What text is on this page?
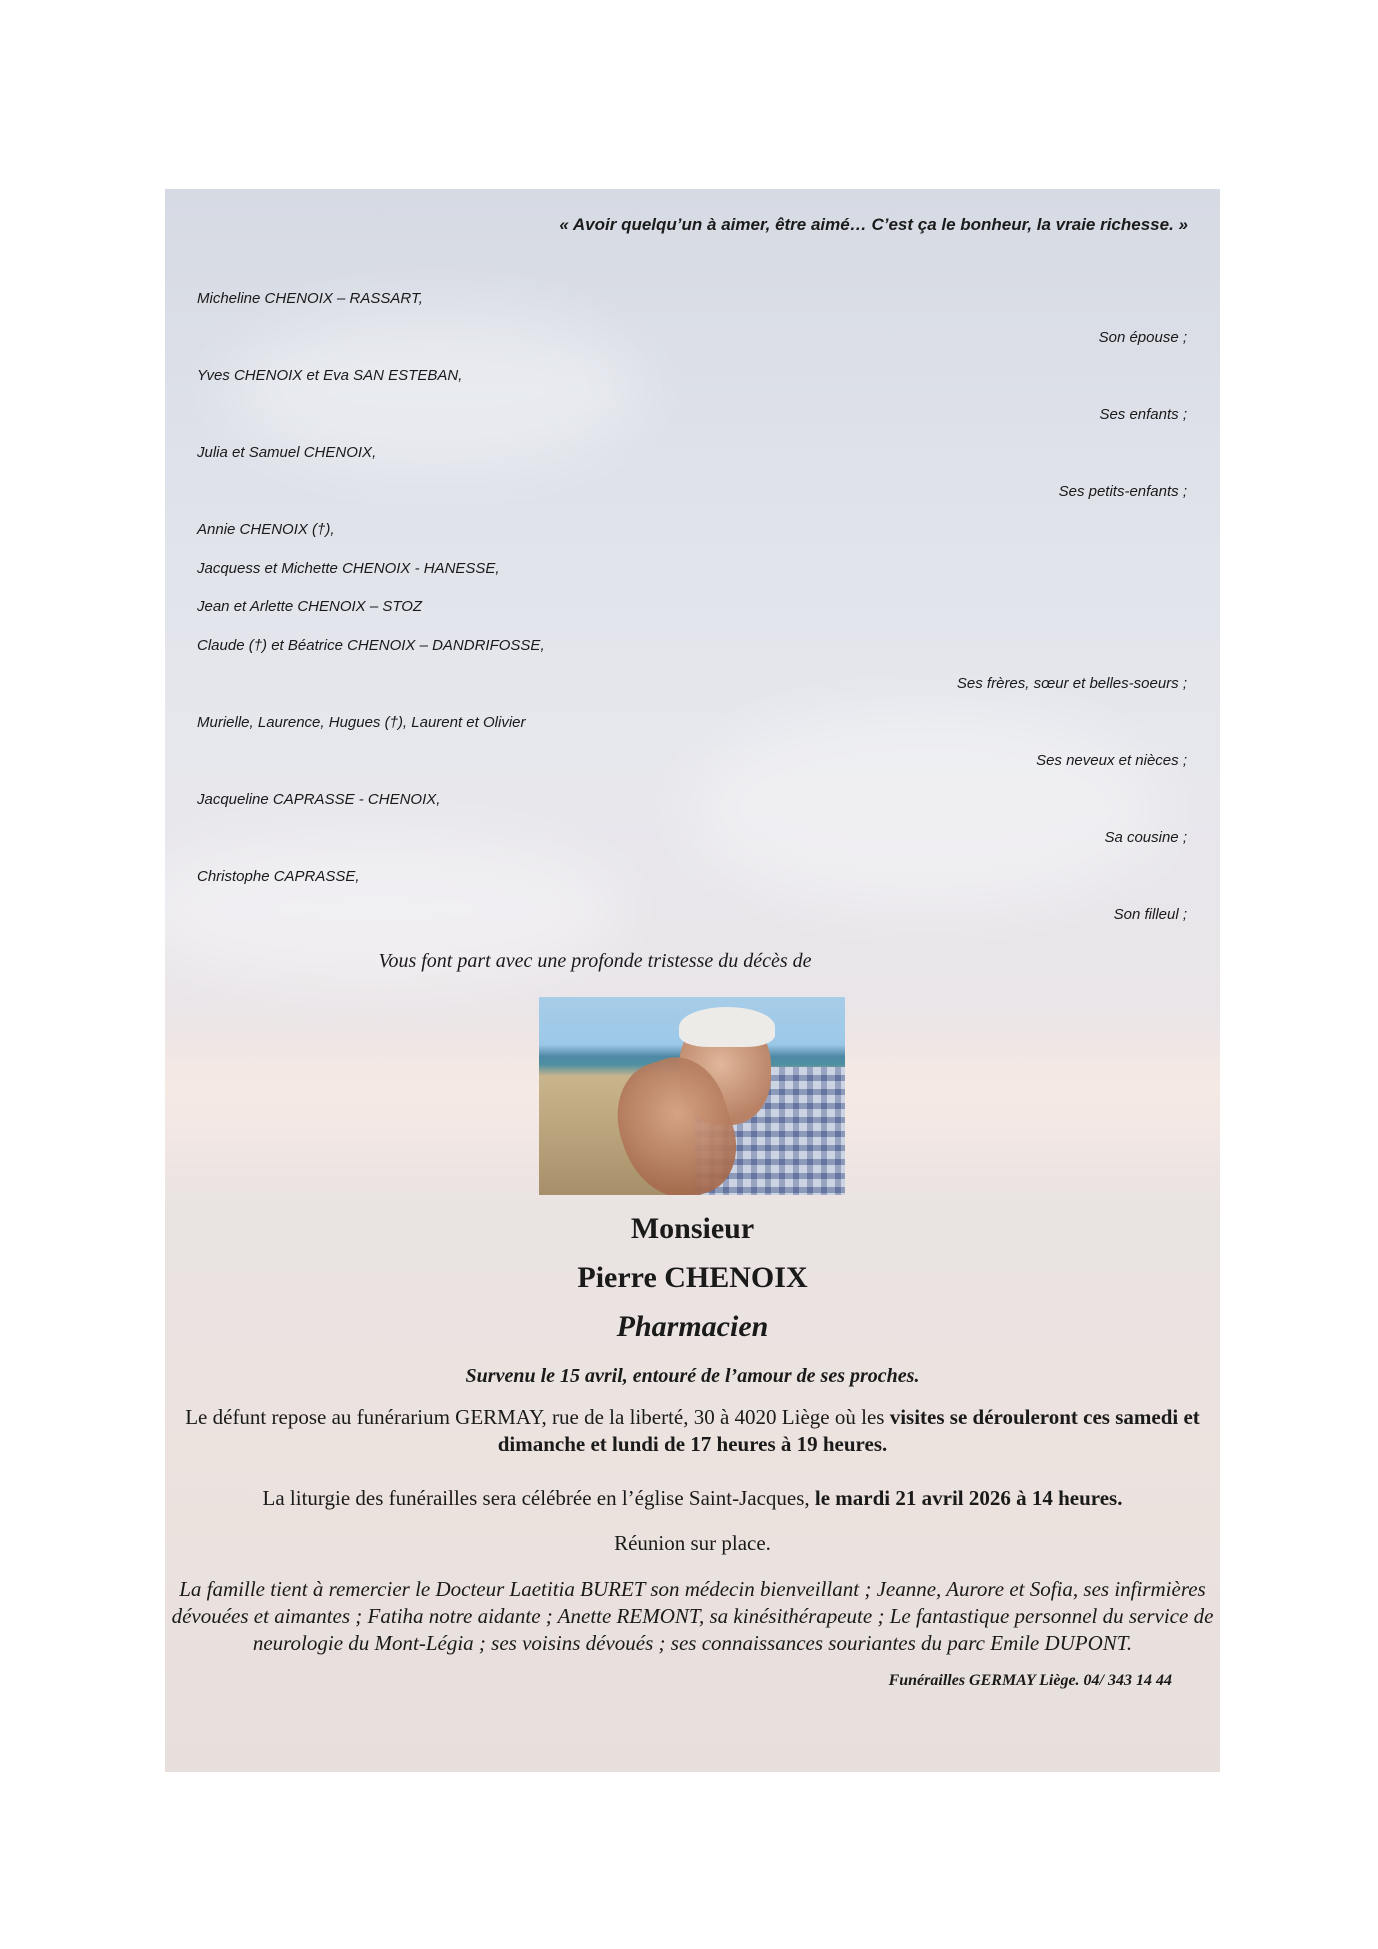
« Avoir quelqu’un à aimer, être aimé… C’est ça le bonheur, la vraie richesse. »
Micheline CHENOIX – RASSART,
Son épouse ;
Yves CHENOIX et Eva SAN ESTEBAN,
Ses enfants ;
Julia et Samuel CHENOIX,
Ses petits-enfants ;
Annie CHENOIX (†),
Jacquess et Michette CHENOIX - HANESSE,
Jean et Arlette CHENOIX – STOZ
Claude (†) et Béatrice CHENOIX – DANDRIFOSSE,
Ses frères, sœur et belles-soeurs ;
Murielle, Laurence, Hugues (†), Laurent et Olivier
Ses neveux et nièces ;
Jacqueline CAPRASSE - CHENOIX,
Sa cousine ;
Christophe CAPRASSE,
Son filleul ;
Vous font part avec une profonde tristesse du décès de
Monsieur
Pierre CHENOIX
Pharmacien
Survenu le 15 avril, entouré de l’amour de ses proches.
Le défunt repose au funérarium GERMAY, rue de la liberté, 30 à 4020 Liège où les visites se dérouleront ces samedi et dimanche et lundi de 17 heures à 19 heures.
La liturgie des funérailles sera célébrée en l’église Saint-Jacques, le mardi 21 avril 2026 à 14 heures.
Réunion sur place.
La famille tient à remercier le Docteur Laetitia BURET son médecin bienveillant ; Jeanne, Aurore et Sofia, ses infirmières dévouées et aimantes ; Fatiha notre aidante ; Anette REMONT, sa kinésithérapeute ; Le fantastique personnel du service de neurologie du Mont-Légia ; ses voisins dévoués ; ses connaissances souriantes du parc Emile DUPONT.
Funérailles GERMAY Liège. 04/ 343 14 44
